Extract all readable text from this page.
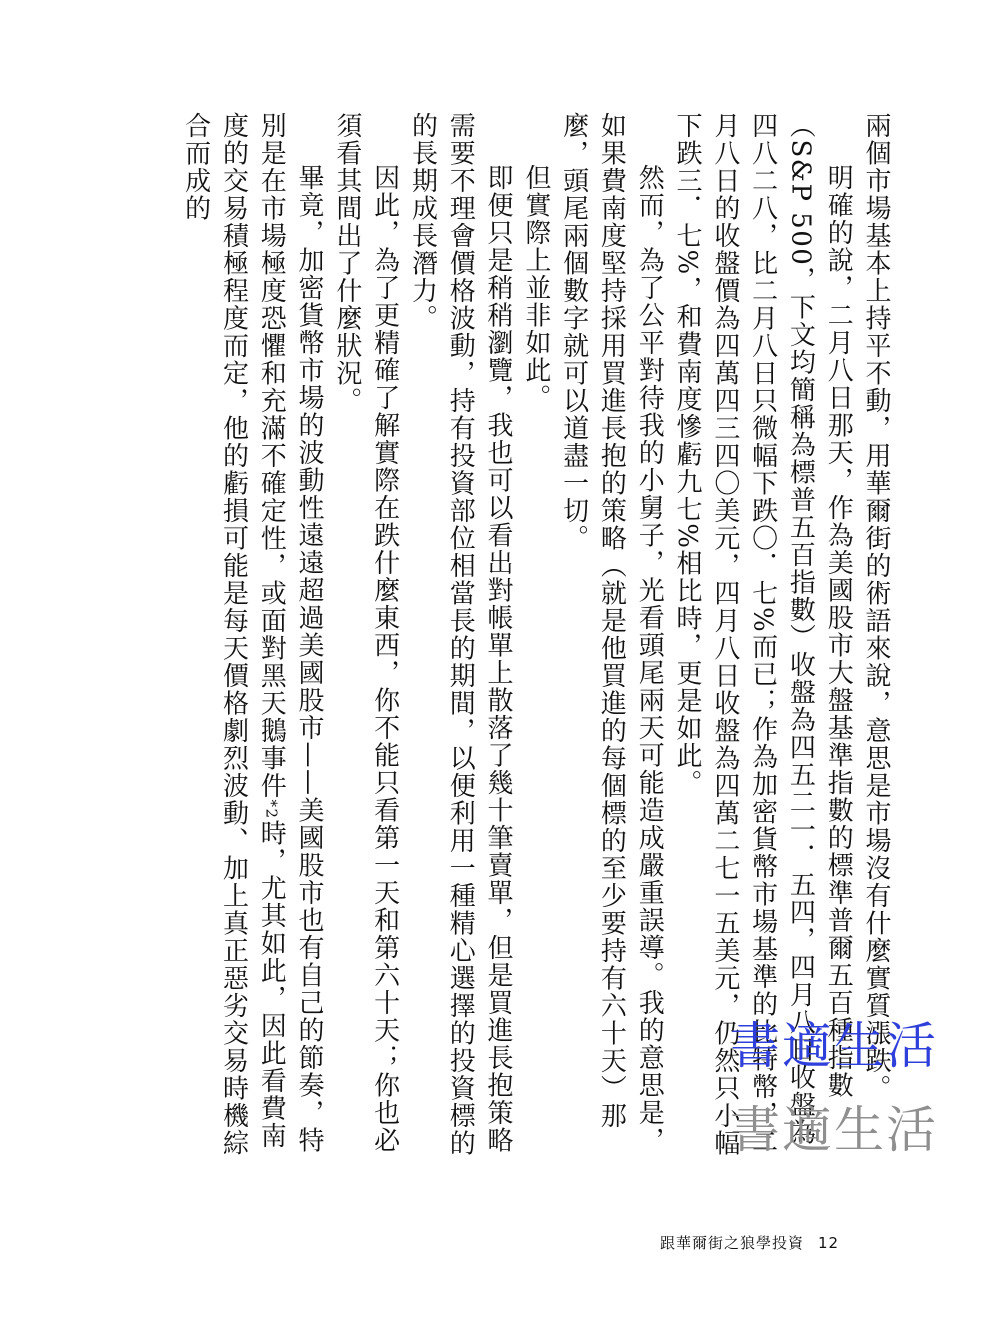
兩個市場基本上持平不動，用華爾街的術語來說，意思是市場沒有什麼實質漲跌。

明確的說，二月八日那天，作為美國股市大盤基準指數的標準普爾五百種指數（S&P 500，下文均簡稱為標普五百指數）收盤為四五二一．五四，四月八日收盤為四八二八，比二月八日只微幅下跌〇．七%而已；作為加密貨幣市場基準的比特幣，二月八日的收盤價為四萬四三四〇美元，四月八日收盤為四萬二七一五美元，仍然只小幅下跌三．七%，和費南度慘虧九七%相比時，更是如此。

然而，為了公平對待我的小舅子，光看頭尾兩天可能造成嚴重誤導。我的意思是，如果費南度堅持採用買進長抱的策略（就是他買進的每個標的至少要持有六十天）那麼，頭尾兩個數字就可以道盡一切。

但實際上並非如此。

即便只是稍稍瀏覽，我也可以看出對帳單上散落了幾十筆賣單，但是買進長抱策略需要不理會價格波動，持有投資部位相當長的期間，以便利用一種精心選擇的投資標的的長期成長潛力。

因此，為了更精確了解實際在跌什麼東西，你不能只看第一天和第六十天；你也必須看其間出了什麼狀況。

畢竟，加密貨幣市場的波動性遠遠超過美國股市——美國股市也有自己的節奏，特別是在市場極度恐懼和充滿不確定性，或面對黑天鵝事件*2時，尤其如此，因此看費南度的交易積極程度而定，他的虧損可能是每天價格劇烈波動、加上真正惡劣交易時機綜合而成的

書適生活
書適生活
跟華爾街之狼學投資 12
